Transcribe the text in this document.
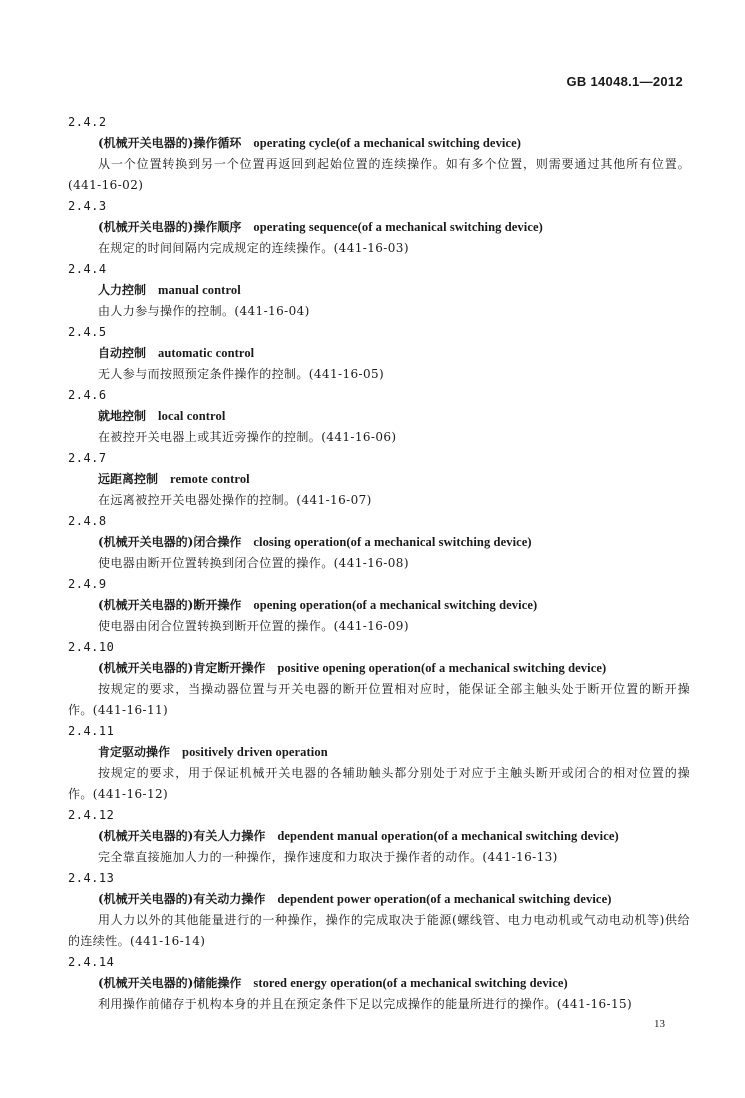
GB 14048.1—2012
2.4.2
(机械开关电器的)操作循环 operating cycle(of a mechanical switching device)

从一个位置转换到另一个位置再返回到起始位置的连续操作。如有多个位置，则需要通过其他所有位置。(441-16-02)

2.4.3
(机械开关电器的)操作顺序 operating sequence(of a mechanical switching device)

在规定的时间间隔内完成规定的连续操作。(441-16-03)

2.4.4
人力控制 manual control

由人力参与操作的控制。(441-16-04)

2.4.5
自动控制 automatic control

无人参与而按照预定条件操作的控制。(441-16-05)

2.4.6
就地控制 local control

在被控开关电器上或其近旁操作的控制。(441-16-06)

2.4.7
远距离控制 remote control

在远离被控开关电器处操作的控制。(441-16-07)

2.4.8
(机械开关电器的)闭合操作 closing operation(of a mechanical switching device)

使电器由断开位置转换到闭合位置的操作。(441-16-08)

2.4.9
(机械开关电器的)断开操作 opening operation(of a mechanical switching device)

使电器由闭合位置转换到断开位置的操作。(441-16-09)

2.4.10
(机械开关电器的)肯定断开操作 positive opening operation(of a mechanical switching device)

按规定的要求，当操动器位置与开关电器的断开位置相对应时，能保证全部主触头处于断开位置的断开操作。(441-16-11)

2.4.11
肯定驱动操作 positively driven operation

按规定的要求，用于保证机械开关电器的各辅助触头都分别处于对应于主触头断开或闭合的相对位置的操作。(441-16-12)

2.4.12
(机械开关电器的)有关人力操作 dependent manual operation(of a mechanical switching device)

完全靠直接施加人力的一种操作，操作速度和力取决于操作者的动作。(441-16-13)

2.4.13
(机械开关电器的)有关动力操作 dependent power operation(of a mechanical switching device)

用人力以外的其他能量进行的一种操作，操作的完成取决于能源(螺线管、电力电动机或气动电动机等)供给的连续性。(441-16-14)

2.4.14
(机械开关电器的)储能操作 stored energy operation(of a mechanical switching device)

利用操作前储存于机构本身的并且在预定条件下足以完成操作的能量所进行的操作。(441-16-15)

13
